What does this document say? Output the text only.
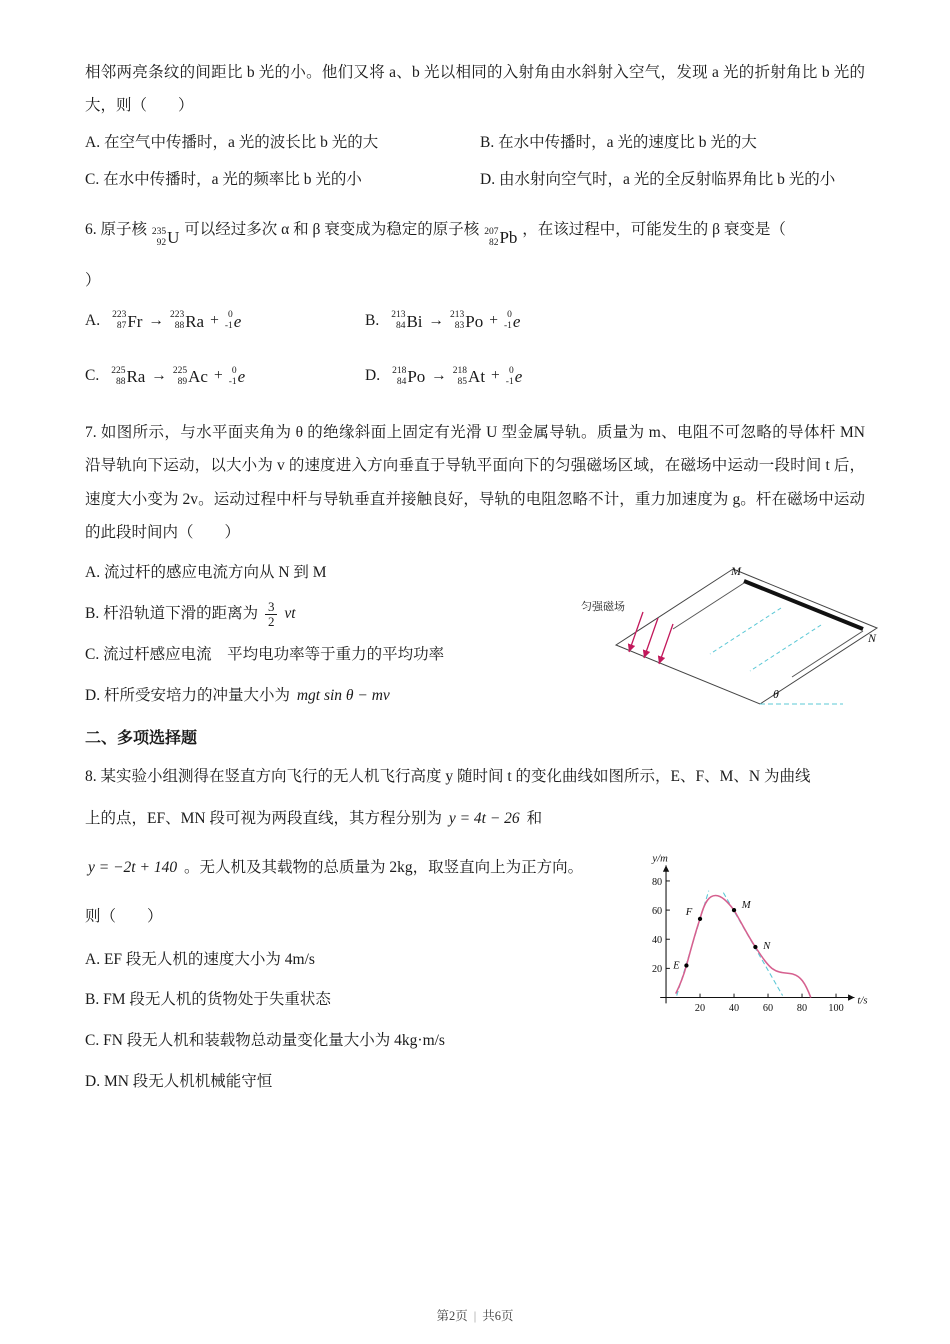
相邻两亮条纹的间距比 b 光的小。他们又将 a、b 光以相同的入射角由水斜射入空气，发现 a 光的折射角比 b 光的大，则（　　）

A. 在空气中传播时，a 光的波长比 b 光的大	B. 在水中传播时，a 光的速度比 b 光的大
C. 在水中传播时，a 光的频率比 b 光的小	D. 由水射向空气时，a 光的全反射临界角比 b 光的小

6. 原子核 235
92 U 可以经过多次 α 和 β 衰变成为稳定的原子核 207
82 Pb ，在该过程中，可能发生的 β 衰变是（

）

A. 223
87 Fr → 223
88 Ra + 0
-1 e	B. 213
84 Bi → 213
83 Po + 0
-1 e
C. 225
88 Ra → 225
89 Ac + 0
-1 e	D. 218
84 Po → 218
85 At + 0
-1 e

7. 如图所示，与水平面夹角为 θ 的绝缘斜面上固定有光滑 U 型金属导轨。质量为 m、电阻不可忽略的导体杆 MN 沿导轨向下运动，以大小为 v 的速度进入方向垂直于导轨平面向下的匀强磁场区域，在磁场中运动一段时间 t 后，速度大小变为 2v。运动过程中杆与导轨垂直并接触良好，导轨的电阻忽略不计，重力加速度为 g。杆在磁场中运动的此段时间内（　　）

M
N
匀强磁场
θ

A. 流过杆的感应电流方向从 N 到 M

B. 杆沿轨道下滑的距离为 $\frac{3}{2}$ vt

C. 流过杆感应电流　平均电功率等于重力的平均功率

D. 杆所受安培力的冲量大小为 mgt sin θ − mv

二、多项选择题

8. 某实验小组测得在竖直方向飞行的无人机飞行高度 y 随时间 t 的变化曲线如图所示，E、F、M、N 为曲线

上的点，EF、MN 段可视为两段直线，其方程分别为 y = 4t − 26 和

y = −2t + 140 。无人机及其载物的总质量为 2kg，取竖直向上为正方向。

则（　　）

y/m
t/s
20
40
60
80
20 40 60 80 100
E
F
M
N

A. EF 段无人机的速度大小为 4m/s

B. FM 段无人机的货物处于失重状态

C. FN 段无人机和装载物总动量变化量大小为 4kg·m/s

D. MN 段无人机机械能守恒

第2页 | 共6页
